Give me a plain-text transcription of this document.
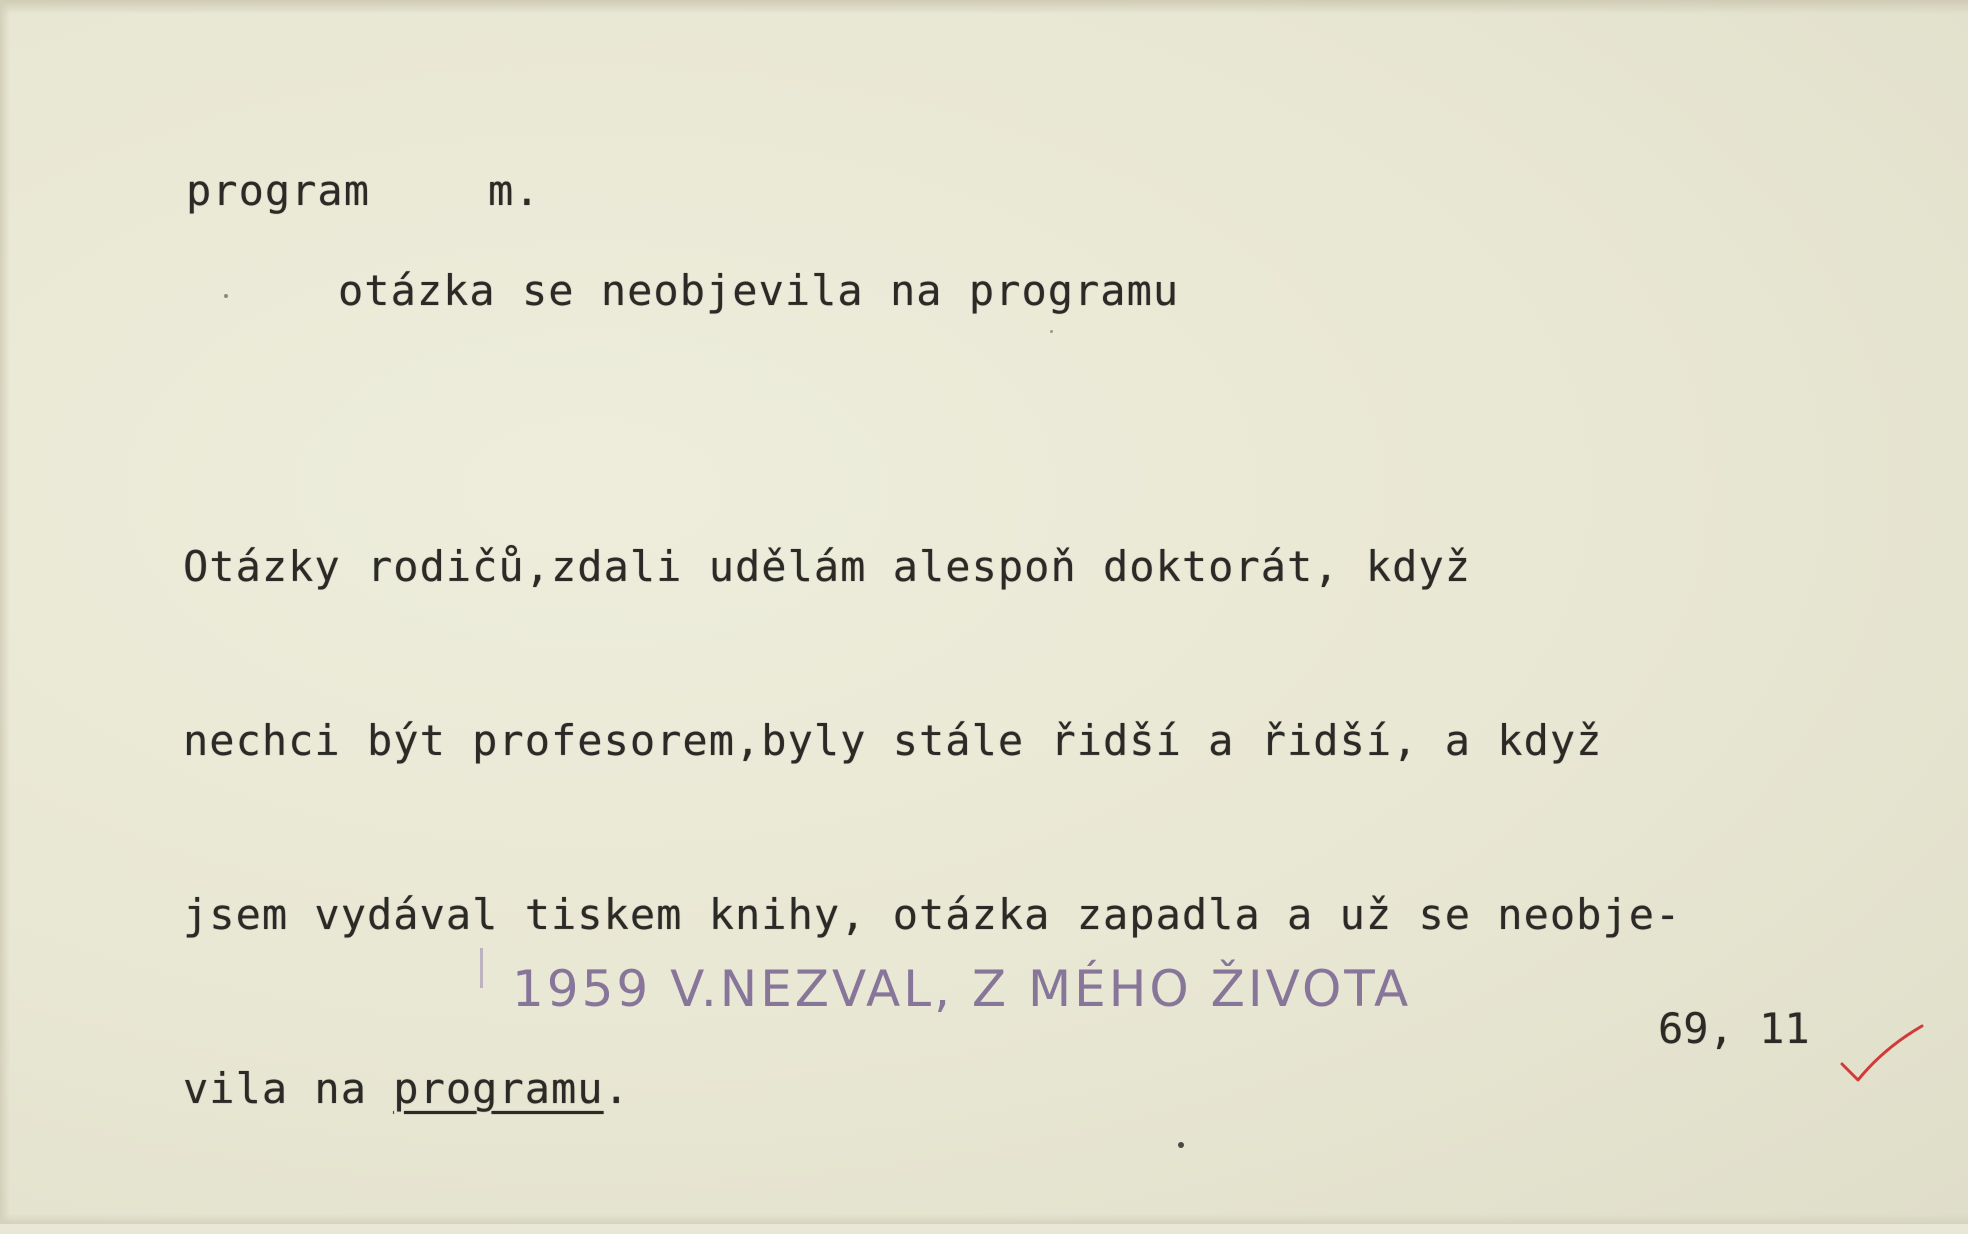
program	m.
otázka se neobjevila na programu

Otázky rodičů,zdali udělám alespoň doktorát, když

nechci být profesorem,byly stále řidší a řidší, a když

jsem vydával tiskem knihy, otázka zapadla a už se neobje-

vila na programu.

1959 V.NEZVAL, Z MÉHO ŽIVOTA
69, 11
